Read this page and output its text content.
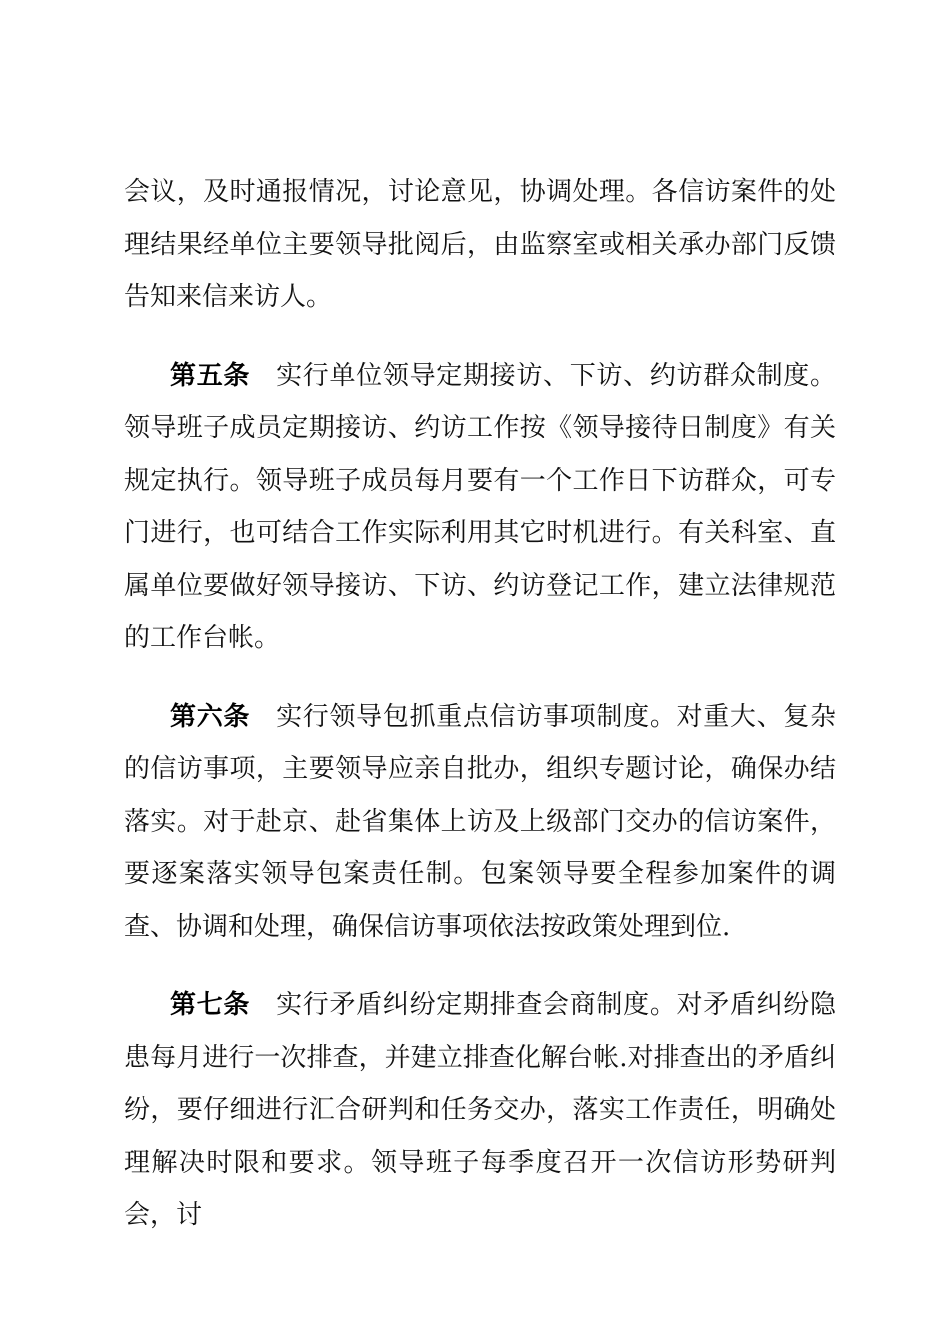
会议，及时通报情况，讨论意见，协调处理。各信访案件的处理结果经单位主要领导批阅后，由监察室或相关承办部门反馈告知来信来访人。

第五条 实行单位领导定期接访、下访、约访群众制度。领导班子成员定期接访、约访工作按《领导接待日制度》有关规定执行。领导班子成员每月要有一个工作日下访群众，可专门进行，也可结合工作实际利用其它时机进行。有关科室、直属单位要做好领导接访、下访、约访登记工作，建立法律规范的工作台帐。

第六条 实行领导包抓重点信访事项制度。对重大、复杂的信访事项，主要领导应亲自批办，组织专题讨论，确保办结落实。对于赴京、赴省集体上访及上级部门交办的信访案件，要逐案落实领导包案责任制。包案领导要全程参加案件的调查、协调和处理，确保信访事项依法按政策处理到位.

第七条 实行矛盾纠纷定期排查会商制度。对矛盾纠纷隐患每月进行一次排查，并建立排查化解台帐.对排查出的矛盾纠纷，要仔细进行汇合研判和任务交办，落实工作责任，明确处理解决时限和要求。领导班子每季度召开一次信访形势研判会，讨
